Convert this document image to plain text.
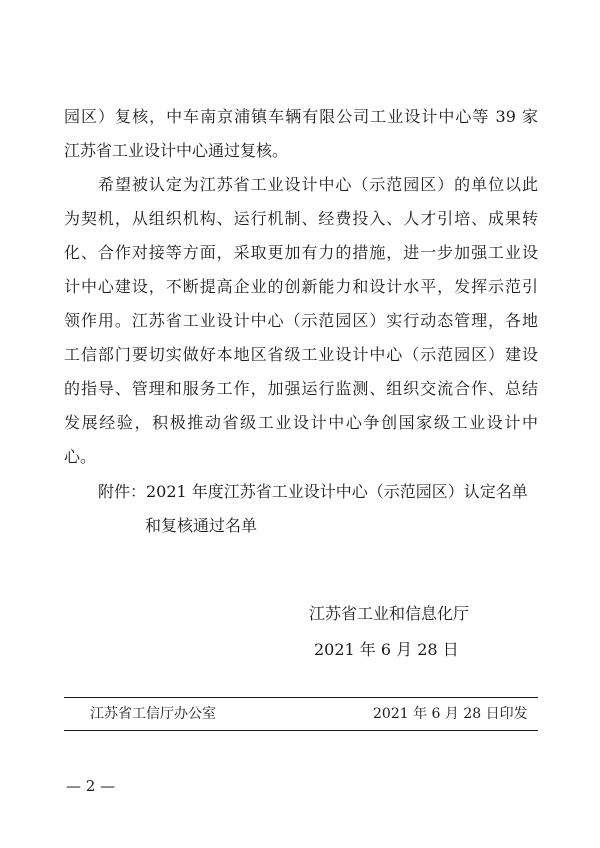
园区）复核，中车南京浦镇车辆有限公司工业设计中心等 39 家
江苏省工业设计中心通过复核。
希望被认定为江苏省工业设计中心（示范园区）的单位以此
为契机，从组织机构、运行机制、经费投入、人才引培、成果转
化、合作对接等方面，采取更加有力的措施，进一步加强工业设
计中心建设，不断提高企业的创新能力和设计水平，发挥示范引
领作用。江苏省工业设计中心（示范园区）实行动态管理，各地
工信部门要切实做好本地区省级工业设计中心（示范园区）建设
的指导、管理和服务工作，加强运行监测、组织交流合作、总结
发展经验，积极推动省级工业设计中心争创国家级工业设计中
心。
附件：2021 年度江苏省工业设计中心（示范园区）认定名单
和复核通过名单
江苏省工业和信息化厅
2021 年 6 月 28 日
江苏省工信厅办公室	2021 年 6 月 28 日印发
— 2 —
